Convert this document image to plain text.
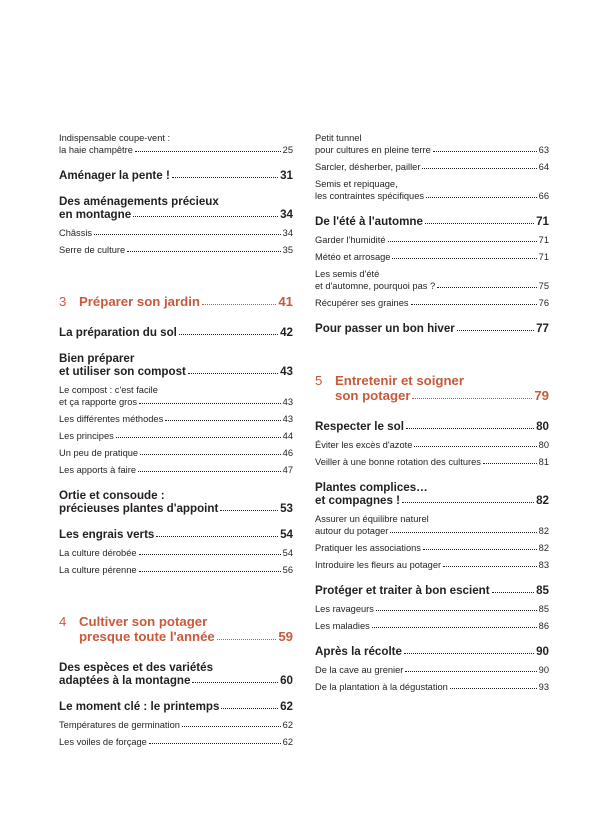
Indispensable coupe-vent :
la haie champêtre	25
Aménager la pente !	31
Des aménagements précieux
en montagne	34
Châssis	34
Serre de culture	35
3 Préparer son jardin	41
La préparation du sol	42
Bien préparer
et utiliser son compost	43
Le compost : c'est facile
et ça rapporte gros	43
Les différentes méthodes	43
Les principes	44
Un peu de pratique	46
Les apports à faire	47
Ortie et consoude :
précieuses plantes d'appoint	53
Les engrais verts	54
La culture dérobée	54
La culture pérenne	56
4 Cultiver son potager
presque toute l'année	59
Des espèces et des variétés
adaptées à la montagne	60
Le moment clé : le printemps	62
Températures de germination	62
Les voiles de forçage	62
Petit tunnel
pour cultures en pleine terre	63
Sarcler, désherber, pailler	64
Semis et repiquage,
les contraintes spécifiques	66
De l'été à l'automne	71
Garder l'humidité	71
Météo et arrosage	71
Les semis d'été
et d'automne, pourquoi pas ?	75
Récupérer ses graines	76
Pour passer un bon hiver	77
5 Entretenir et soigner
son potager	79
Respecter le sol	80
Éviter les excès d'azote	80
Veiller à une bonne rotation des cultures	81
Plantes complices…
et compagnes !	82
Assurer un équilibre naturel
autour du potager	82
Pratiquer les associations	82
Introduire les fleurs au potager	83
Protéger et traiter à bon escient	85
Les ravageurs	85
Les maladies	86
Après la récolte	90
De la cave au grenier	90
De la plantation à la dégustation	93
